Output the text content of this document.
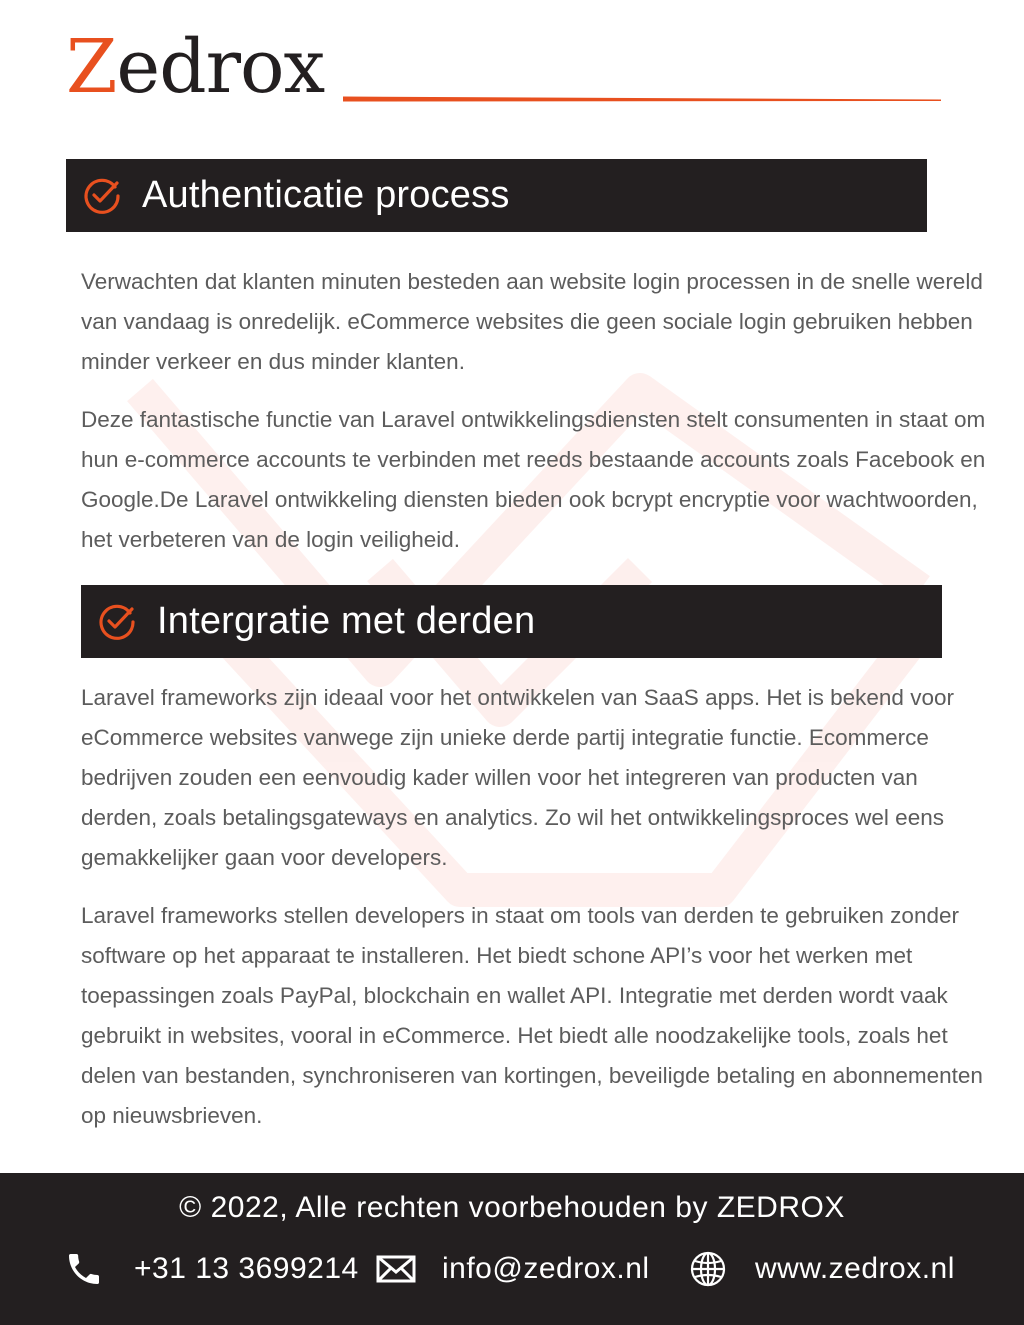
Zedrox
Authenticatie process

Verwachten dat klanten minuten besteden aan website login processen in de snelle wereld van vandaag is onredelijk. eCommerce websites die geen sociale login gebruiken hebben minder verkeer en dus minder klanten.

Deze fantastische functie van Laravel ontwikkelingsdiensten stelt consumenten in staat om hun e-commerce accounts te verbinden met reeds bestaande accounts zoals Facebook en Google.De Laravel ontwikkeling diensten bieden ook bcrypt encryptie voor wachtwoorden, het verbeteren van de login veiligheid.

Intergratie met derden

Laravel frameworks zijn ideaal voor het ontwikkelen van SaaS apps. Het is bekend voor eCommerce websites vanwege zijn unieke derde partij integratie functie. Ecommerce bedrijven zouden een eenvoudig kader willen voor het integreren van producten van derden, zoals betalingsgateways en analytics. Zo wil het ontwikkelingsproces wel eens gemakkelijker gaan voor developers.

Laravel frameworks stellen developers in staat om tools van derden te gebruiken zonder software op het apparaat te installeren. Het biedt schone API’s voor het werken met toepassingen zoals PayPal, blockchain en wallet API. Integratie met derden wordt vaak gebruikt in websites, vooral in eCommerce. Het biedt alle noodzakelijke tools, zoals het delen van bestanden, synchroniseren van kortingen, beveiligde betaling en abonnementen op nieuwsbrieven.

© 2022, Alle rechten voorbehouden by ZEDROX
+31 13 3699214	info@zedrox.nl	www.zedrox.nl
